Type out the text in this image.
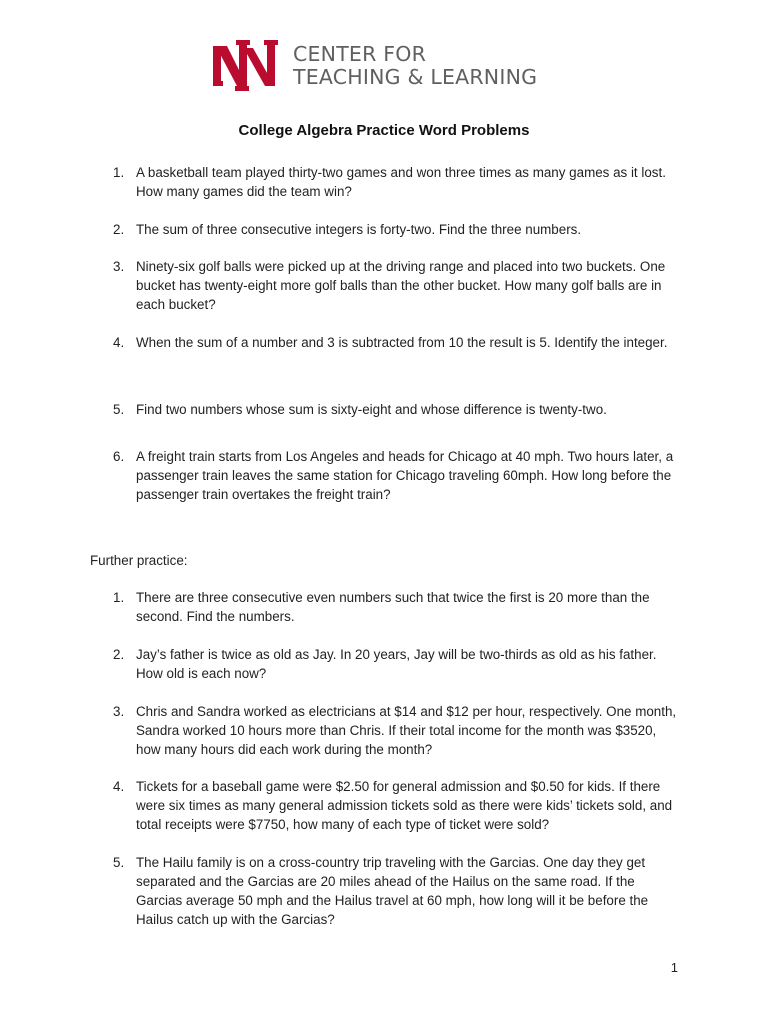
CENTER FOR
TEACHING & LEARNING
College Algebra Practice Word Problems
1. A basketball team played thirty-two games and won three times as many games as it lost. How many games did the team win?
2. The sum of three consecutive integers is forty-two. Find the three numbers.
3. Ninety-six golf balls were picked up at the driving range and placed into two buckets. One bucket has twenty-eight more golf balls than the other bucket. How many golf balls are in each bucket?
4. When the sum of a number and 3 is subtracted from 10 the result is 5. Identify the integer.
5. Find two numbers whose sum is sixty-eight and whose difference is twenty-two.
6. A freight train starts from Los Angeles and heads for Chicago at 40 mph. Two hours later, a passenger train leaves the same station for Chicago traveling 60mph. How long before the passenger train overtakes the freight train?
Further practice:
1. There are three consecutive even numbers such that twice the first is 20 more than the second. Find the numbers.
2. Jay’s father is twice as old as Jay. In 20 years, Jay will be two-thirds as old as his father. How old is each now?
3. Chris and Sandra worked as electricians at $14 and $12 per hour, respectively. One month, Sandra worked 10 hours more than Chris. If their total income for the month was $3520, how many hours did each work during the month?
4. Tickets for a baseball game were $2.50 for general admission and $0.50 for kids. If there were six times as many general admission tickets sold as there were kids’ tickets sold, and total receipts were $7750, how many of each type of ticket were sold?
5. The Hailu family is on a cross-country trip traveling with the Garcias. One day they get separated and the Garcias are 20 miles ahead of the Hailus on the same road. If the Garcias average 50 mph and the Hailus travel at 60 mph, how long will it be before the Hailus catch up with the Garcias?
1
